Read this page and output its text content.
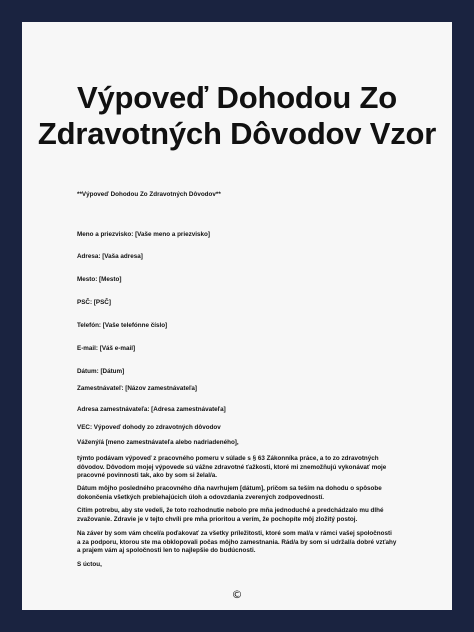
Výpoveď Dohodou Zo Zdravotných Dôvodov Vzor

**Výpoveď Dohodou Zo Zdravotných Dôvodov**

Meno a priezvisko: [Vaše meno a priezvisko]

Adresa: [Vaša adresa]

Mesto: [Mesto]

PSČ: [PSČ]

Telefón: [Vaše telefónne číslo]

E-mail: [Váš e-mail]

Dátum: [Dátum]

Zamestnávateľ: [Názov zamestnávateľa]

Adresa zamestnávateľa: [Adresa zamestnávateľa]

VEC: Výpoveď dohody zo zdravotných dôvodov

Vážený/á [meno zamestnávateľa alebo nadriadeného],

týmto podávam výpoveď z pracovného pomeru v súlade s § 63 Zákonníka práce, a to zo zdravotných dôvodov. Dôvodom mojej výpovede sú vážne zdravotné ťažkosti, ktoré mi znemožňujú vykonávať moje pracovné povinnosti tak, ako by som si želal/a.

Dátum môjho posledného pracovného dňa navrhujem [dátum], pričom sa teším na dohodu o spôsobe dokončenia všetkých prebiehajúcich úloh a odovzdania zverených zodpovedností.

Cítim potrebu, aby ste vedeli, že toto rozhodnutie nebolo pre mňa jednoduché a predchádzalo mu dlhé zvažovanie. Zdravie je v tejto chvíli pre mňa prioritou a verím, že pochopíte môj zložitý postoj.

Na záver by som vám chcel/a poďakovať za všetky príležitosti, ktoré som mal/a v rámci vašej spoločnosti a za podporu, ktorou ste ma obklopovali počas môjho zamestnania. Rád/a by som si udržal/a dobré vzťahy a prajem vám aj spoločnosti len to najlepšie do budúcnosti.

S úctou,

©
